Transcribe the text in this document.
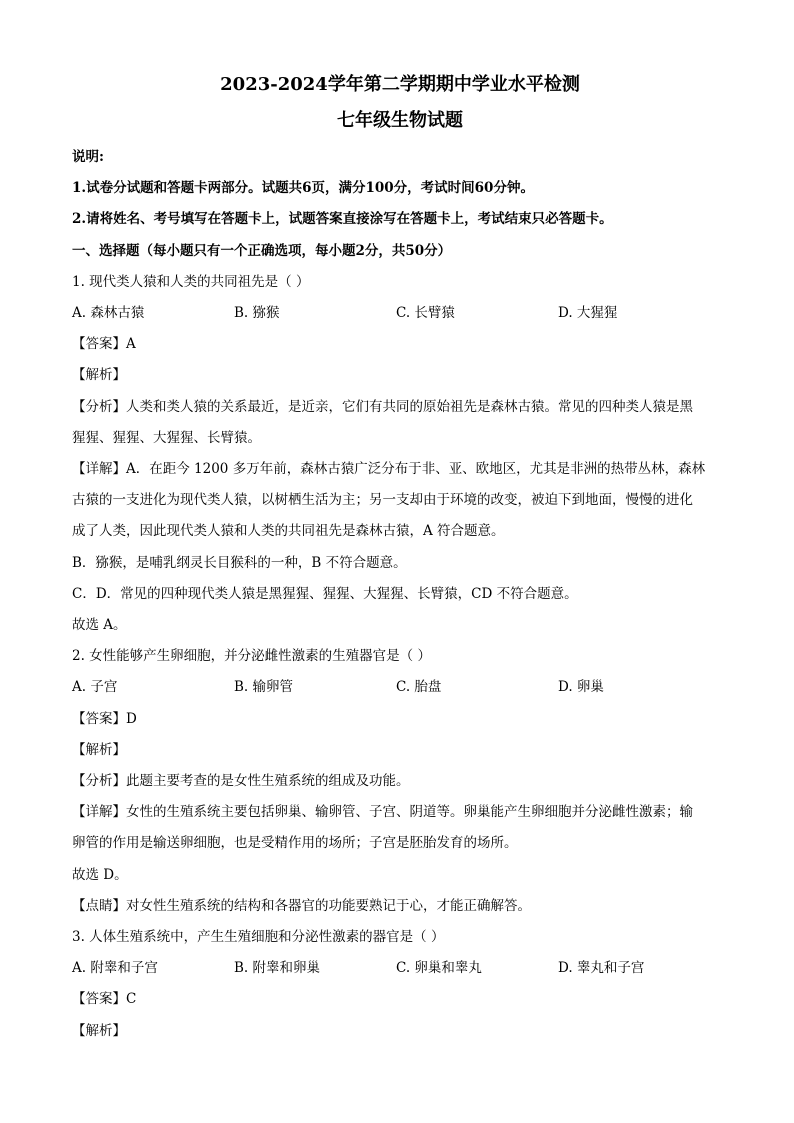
2023-2024学年第二学期期中学业水平检测
七年级生物试题
说明:
1.试卷分试题和答题卡两部分。试题共6页，满分100分，考试时间60分钟。
2.请将姓名、考号填写在答题卡上，试题答案直接涂写在答题卡上，考试结束只必答题卡。
一、选择题（每小题只有一个正确选项，每小题2分，共50分）
1. 现代类人猿和人类的共同祖先是（ ）
A. 森林古猿	B. 猕猴	C. 长臂猿	D. 大猩猩
【答案】A
【解析】
【分析】人类和类人猿的关系最近，是近亲，它们有共同的原始祖先是森林古猿。常见的四种类人猿是黑
猩猩、猩猩、大猩猩、长臂猿。
【详解】A．在距今 1200 多万年前，森林古猿广泛分布于非、亚、欧地区，尤其是非洲的热带丛林，森林
古猿的一支进化为现代类人猿，以树栖生活为主；另一支却由于环境的改变，被迫下到地面，慢慢的进化
成了人类，因此现代类人猿和人类的共同祖先是森林古猿，A 符合题意。
B．猕猴，是哺乳纲灵长目猴科的一种，B 不符合题意。
C．D．常见的四种现代类人猿是黑猩猩、猩猩、大猩猩、长臂猿，CD 不符合题意。
故选 A。
2. 女性能够产生卵细胞，并分泌雌性激素的生殖器官是（ ）
A. 子宫	B. 输卵管	C. 胎盘	D. 卵巢
【答案】D
【解析】
【分析】此题主要考查的是女性生殖系统的组成及功能。
【详解】女性的生殖系统主要包括卵巢、输卵管、子宫、阴道等。卵巢能产生卵细胞并分泌雌性激素；输
卵管的作用是输送卵细胞，也是受精作用的场所；子宫是胚胎发育的场所。
故选 D。
【点睛】对女性生殖系统的结构和各器官的功能要熟记于心，才能正确解答。
3. 人体生殖系统中，产生生殖细胞和分泌性激素的器官是（ ）
A. 附睾和子宫	B. 附睾和卵巢	C. 卵巢和睾丸	D. 睾丸和子宫
【答案】C
【解析】
